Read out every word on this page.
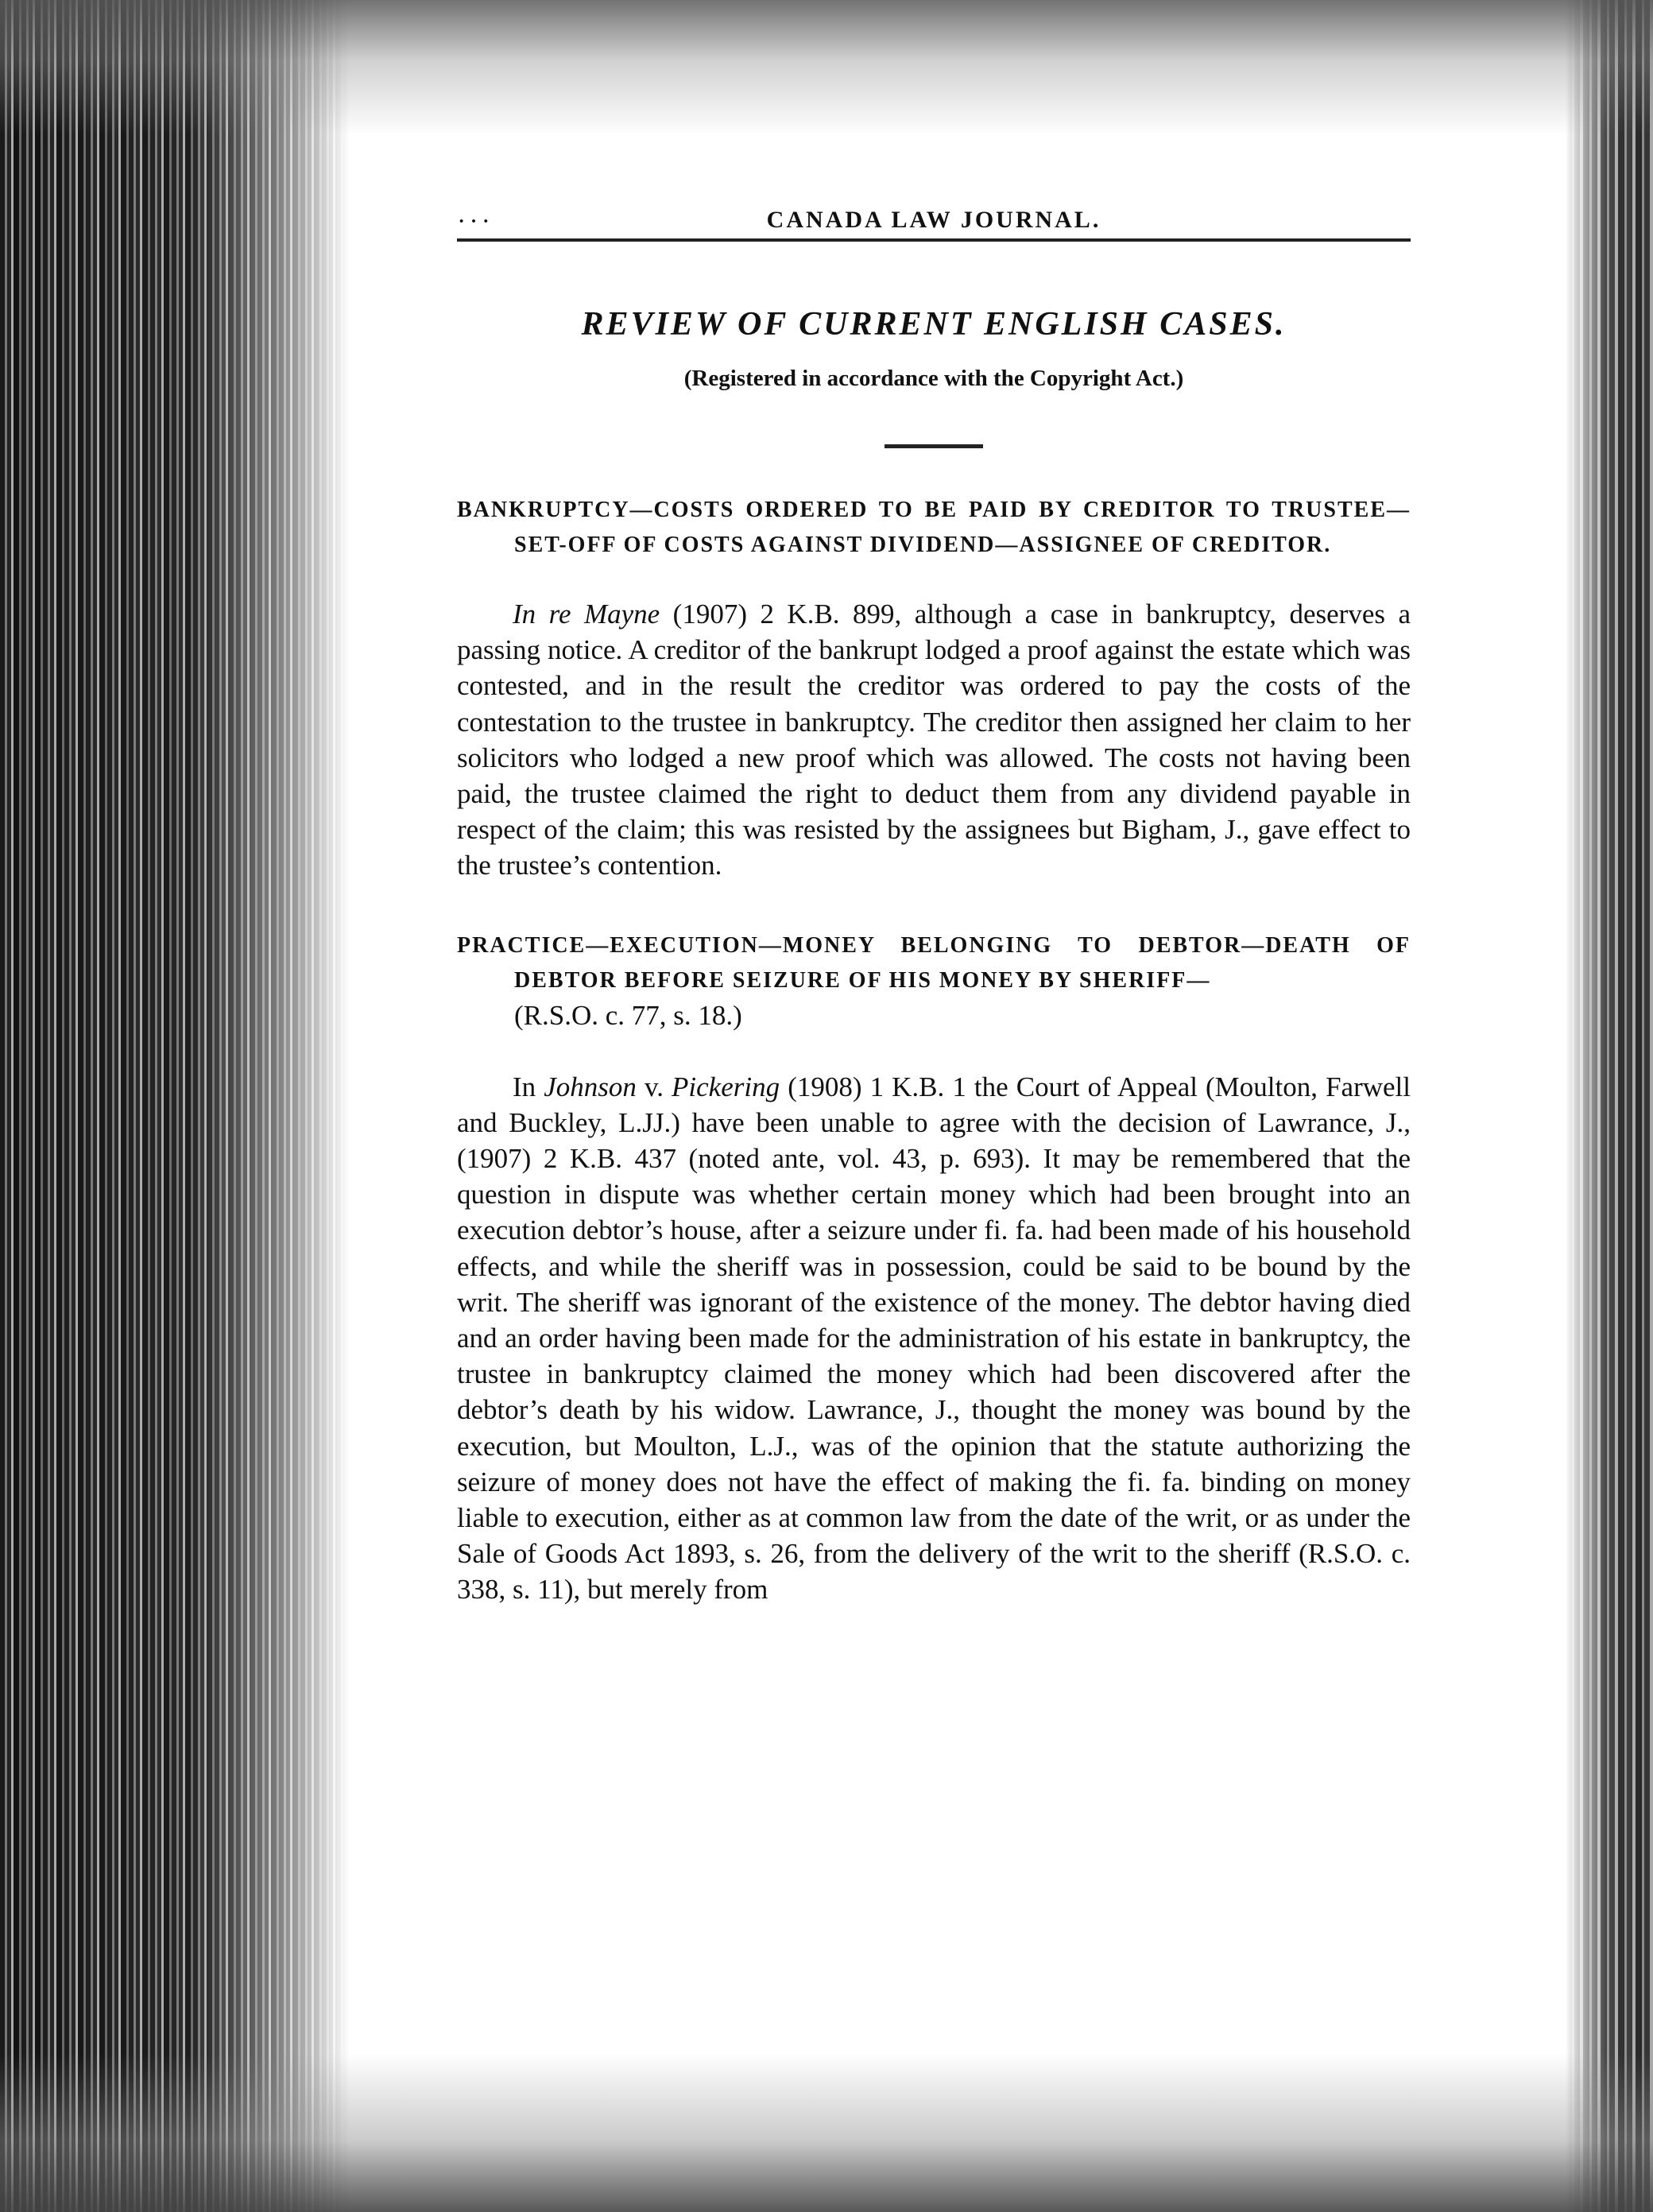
···	CANADA LAW JOURNAL.
REVIEW OF CURRENT ENGLISH CASES.
(Registered in accordance with the Copyright Act.)
BANKRUPTCY—COSTS ORDERED TO BE PAID BY CREDITOR TO TRUSTEE—SET-OFF OF COSTS AGAINST DIVIDEND—ASSIGNEE OF CREDITOR.

In re Mayne (1907) 2 K.B. 899, although a case in bankruptcy, deserves a passing notice. A creditor of the bankrupt lodged a proof against the estate which was contested, and in the result the creditor was ordered to pay the costs of the contestation to the trustee in bankruptcy. The creditor then assigned her claim to her solicitors who lodged a new proof which was allowed. The costs not having been paid, the trustee claimed the right to deduct them from any dividend payable in respect of the claim; this was resisted by the assignees but Bigham, J., gave effect to the trustee’s contention.

PRACTICE—EXECUTION—MONEY BELONGING TO DEBTOR—DEATH OF DEBTOR BEFORE SEIZURE OF HIS MONEY BY SHERIFF—
(R.S.O. c. 77, s. 18.)

In Johnson v. Pickering (1908) 1 K.B. 1 the Court of Appeal (Moulton, Farwell and Buckley, L.JJ.) have been unable to agree with the decision of Lawrance, J., (1907) 2 K.B. 437 (noted ante, vol. 43, p. 693). It may be remembered that the question in dispute was whether certain money which had been brought into an execution debtor’s house, after a seizure under fi. fa. had been made of his household effects, and while the sheriff was in possession, could be said to be bound by the writ. The sheriff was ignorant of the existence of the money. The debtor having died and an order having been made for the administration of his estate in bankruptcy, the trustee in bankruptcy claimed the money which had been discovered after the debtor’s death by his widow. Lawrance, J., thought the money was bound by the execution, but Moulton, L.J., was of the opinion that the statute authorizing the seizure of money does not have the effect of making the fi. fa. binding on money liable to execution, either as at common law from the date of the writ, or as under the Sale of Goods Act 1893, s. 26, from the delivery of the writ to the sheriff (R.S.O. c. 338, s. 11), but merely from
